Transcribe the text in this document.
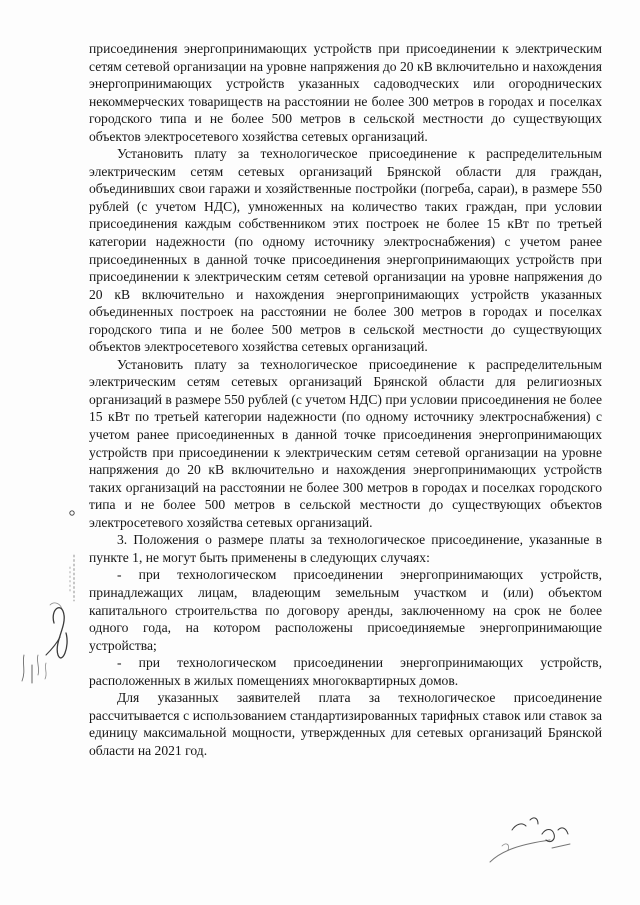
присоединения энергопринимающих устройств при присоединении к электрическим сетям сетевой организации на уровне напряжения до 20 кВ включительно и нахождения энергопринимающих устройств указанных садоводческих или огороднических некоммерческих товариществ на расстоянии не более 300 метров в городах и поселках городского типа и не более 500 метров в сельской местности до существующих объектов электросетевого хозяйства сетевых организаций.

Установить плату за технологическое присоединение к распределительным электрическим сетям сетевых организаций Брянской области для граждан, объединивших свои гаражи и хозяйственные постройки (погреба, сараи), в размере 550 рублей (с учетом НДС), умноженных на количество таких граждан, при условии присоединения каждым собственником этих построек не более 15 кВт по третьей категории надежности (по одному источнику электроснабжения) с учетом ранее присоединенных в данной точке присоединения энергопринимающих устройств при присоединении к электрическим сетям сетевой организации на уровне напряжения до 20 кВ включительно и нахождения энергопринимающих устройств указанных объединенных построек на расстоянии не более 300 метров в городах и поселках городского типа и не более 500 метров в сельской местности до существующих объектов электросетевого хозяйства сетевых организаций.

Установить плату за технологическое присоединение к распределительным электрическим сетям сетевых организаций Брянской области для религиозных организаций в размере 550 рублей (с учетом НДС) при условии присоединения не более 15 кВт по третьей категории надежности (по одному источнику электроснабжения) с учетом ранее присоединенных в данной точке присоединения энергопринимающих устройств при присоединении к электрическим сетям сетевой организации на уровне напряжения до 20 кВ включительно и нахождения энергопринимающих устройств таких организаций на расстоянии не более 300 метров в городах и поселках городского типа и не более 500 метров в сельской местности до существующих объектов электросетевого хозяйства сетевых организаций.

3. Положения о размере платы за технологическое присоединение, указанные в пункте 1, не могут быть применены в следующих случаях:

- при технологическом присоединении энергопринимающих устройств, принадлежащих лицам, владеющим земельным участком и (или) объектом капитального строительства по договору аренды, заключенному на срок не более одного года, на котором расположены присоединяемые энергопринимающие устройства;

- при технологическом присоединении энергопринимающих устройств, расположенных в жилых помещениях многоквартирных домов.

Для указанных заявителей плата за технологическое присоединение рассчитывается с использованием стандартизированных тарифных ставок или ставок за единицу максимальной мощности, утвержденных для сетевых организаций Брянской области на 2021 год.
